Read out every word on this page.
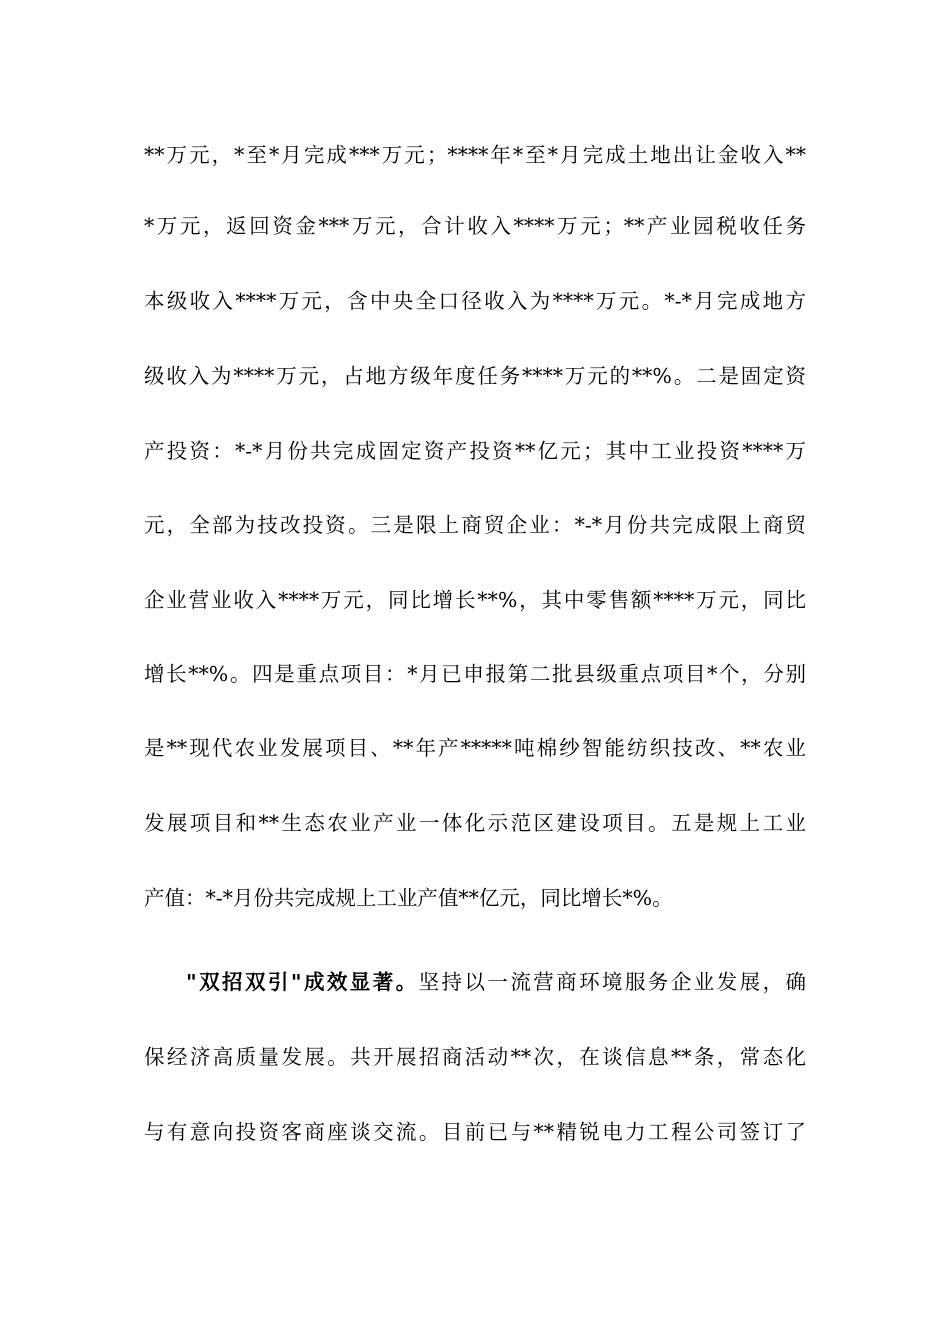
**万元，*至*月完成***万元；****年*至*月完成土地出让金收入**
*万元，返回资金***万元，合计收入****万元；**产业园税收任务
本级收入****万元，含中央全口径收入为****万元。*-*月完成地方
级收入为****万元，占地方级年度任务****万元的**%。二是固定资
产投资：*-*月份共完成固定资产投资**亿元；其中工业投资****万
元，全部为技改投资。三是限上商贸企业：*-*月份共完成限上商贸
企业营业收入****万元，同比增长**%，其中零售额****万元，同比
增长**%。四是重点项目：*月已申报第二批县级重点项目*个，分别
是**现代农业发展项目、**年产*****吨棉纱智能纺织技改、**农业
发展项目和**生态农业产业一体化示范区建设项目。五是规上工业
产值：*-*月份共完成规上工业产值**亿元，同比增长*%。
"双招双引"成效显著。坚持以一流营商环境服务企业发展，确
保经济高质量发展。共开展招商活动**次，在谈信息**条，常态化
与有意向投资客商座谈交流。目前已与**精锐电力工程公司签订了
